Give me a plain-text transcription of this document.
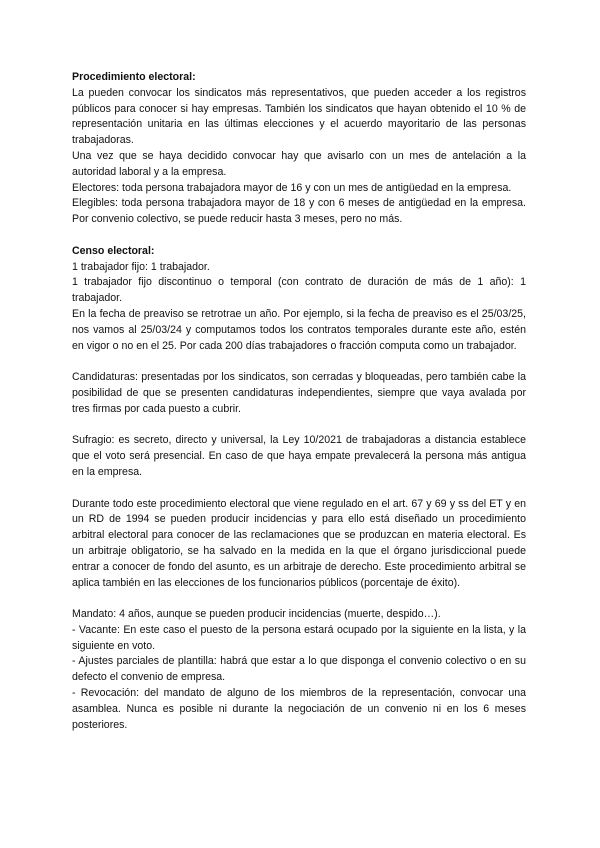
Procedimiento electoral:

La pueden convocar los sindicatos más representativos, que pueden acceder a los registros públicos para conocer si hay empresas. También los sindicatos que hayan obtenido el 10 % de representación unitaria en las últimas elecciones y el acuerdo mayoritario de las personas trabajadoras.

Una vez que se haya decidido convocar hay que avisarlo con un mes de antelación a la autoridad laboral y a la empresa.

Electores: toda persona trabajadora mayor de 16 y con un mes de antigüedad en la empresa.

Elegibles: toda persona trabajadora mayor de 18 y con 6 meses de antigüedad en la empresa. Por convenio colectivo, se puede reducir hasta 3 meses, pero no más.

Censo electoral:

1 trabajador fijo: 1 trabajador.

1 trabajador fijo discontinuo o temporal (con contrato de duración de más de 1 año): 1 trabajador.

En la fecha de preaviso se retrotrae un año. Por ejemplo, si la fecha de preaviso es el 25/03/25, nos vamos al 25/03/24 y computamos todos los contratos temporales durante este año, estén en vigor o no en el 25. Por cada 200 días trabajadores o fracción computa como un trabajador.

Candidaturas: presentadas por los sindicatos, son cerradas y bloqueadas, pero también cabe la posibilidad de que se presenten candidaturas independientes, siempre que vaya avalada por tres firmas por cada puesto a cubrir.

Sufragio: es secreto, directo y universal, la Ley 10/2021 de trabajadoras a distancia establece que el voto será presencial. En caso de que haya empate prevalecerá la persona más antigua en la empresa.

Durante todo este procedimiento electoral que viene regulado en el art. 67 y 69 y ss del ET y en un RD de 1994 se pueden producir incidencias y para ello está diseñado un procedimiento arbitral electoral para conocer de las reclamaciones que se produzcan en materia electoral. Es un arbitraje obligatorio, se ha salvado en la medida en la que el órgano jurisdiccional puede entrar a conocer de fondo del asunto, es un arbitraje de derecho. Este procedimiento arbitral se aplica también en las elecciones de los funcionarios públicos (porcentaje de éxito).

Mandato: 4 años, aunque se pueden producir incidencias (muerte, despido…).

- Vacante: En este caso el puesto de la persona estará ocupado por la siguiente en la lista, y la siguiente en voto.

- Ajustes parciales de plantilla: habrá que estar a lo que disponga el convenio colectivo o en su defecto el convenio de empresa.

- Revocación: del mandato de alguno de los miembros de la representación, convocar una asamblea. Nunca es posible ni durante la negociación de un convenio ni en los 6 meses posteriores.
